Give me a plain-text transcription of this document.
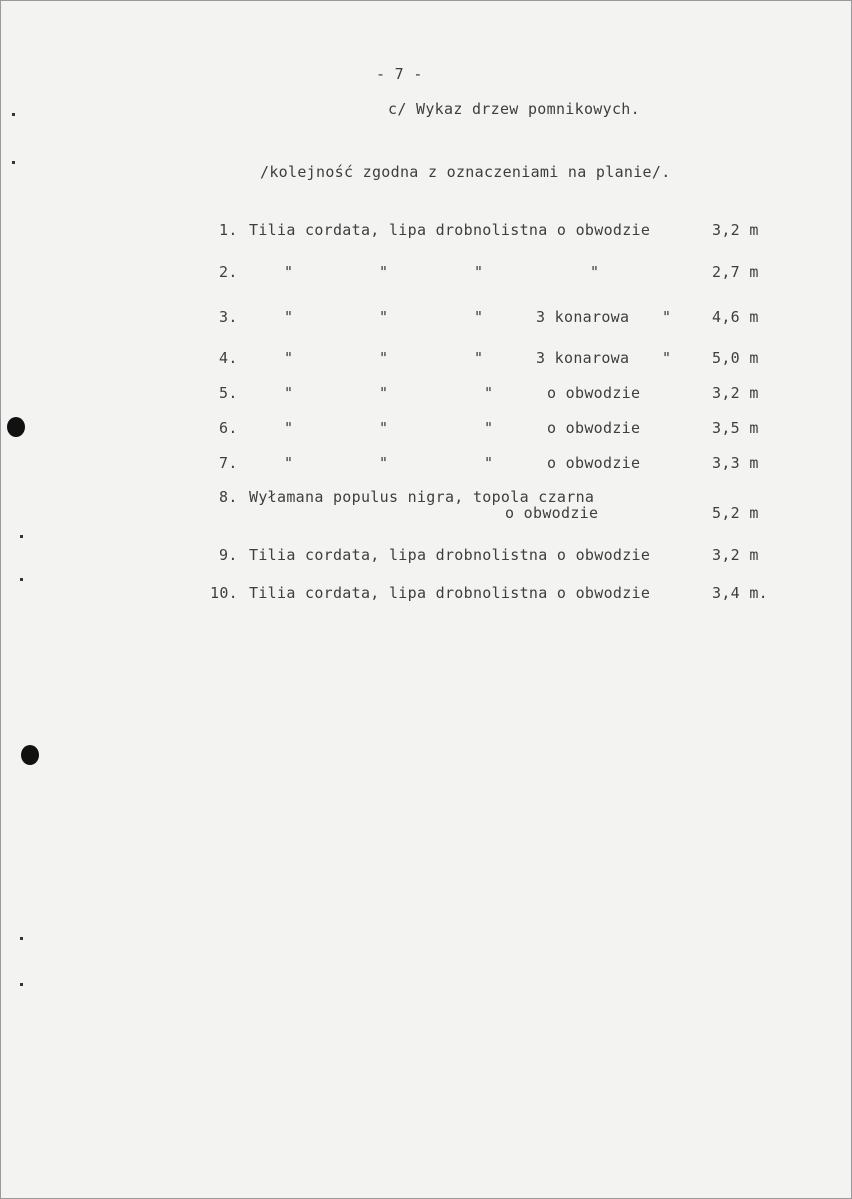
- 7 -
c/ Wykaz drzew pomnikowych.
/kolejność zgodna z oznaczeniami na planie/.
1. Tilia cordata, lipa drobnolistna o obwodzie	3,2 m
2.	"	"	"	"	2,7 m
3.	"	"	"	3 konarowa "	4,6 m
4.	"	"	"	3 konarowa "	5,0 m
5.	"	"	"	o obwodzie	3,2 m
6.	"	"	"	o obwodzie	3,5 m
7.	"	"	"	o obwodzie	3,3 m
8. Wyłamana populus nigra, topola czarna
o obwodzie	5,2 m
9. Tilia cordata, lipa drobnolistna o obwodzie	3,2 m
10. Tilia cordata, lipa drobnolistna o obwodzie	3,4 m.
